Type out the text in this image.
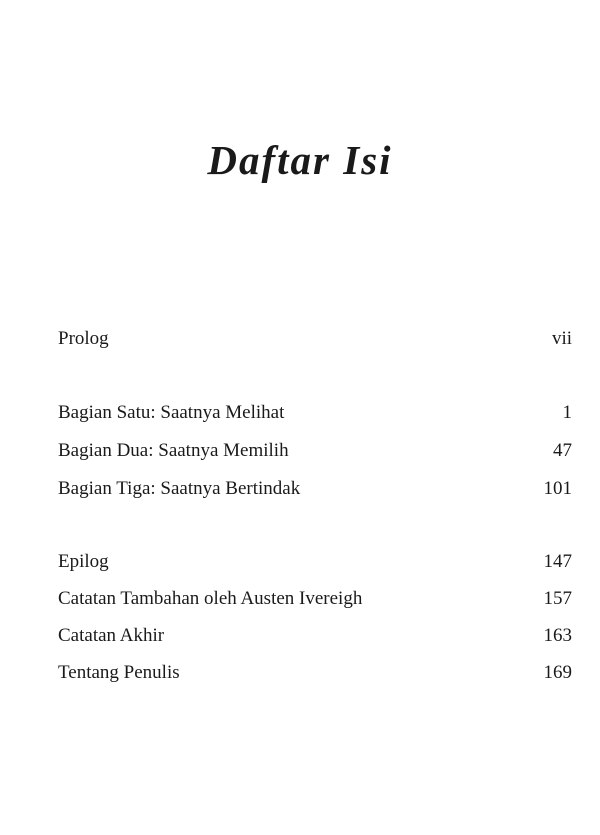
Daftar Isi
Prolog	vii
Bagian Satu: Saatnya Melihat	1
Bagian Dua: Saatnya Memilih	47
Bagian Tiga: Saatnya Bertindak	101
Epilog	147
Catatan Tambahan oleh Austen Ivereigh	157
Catatan Akhir	163
Tentang Penulis	169
